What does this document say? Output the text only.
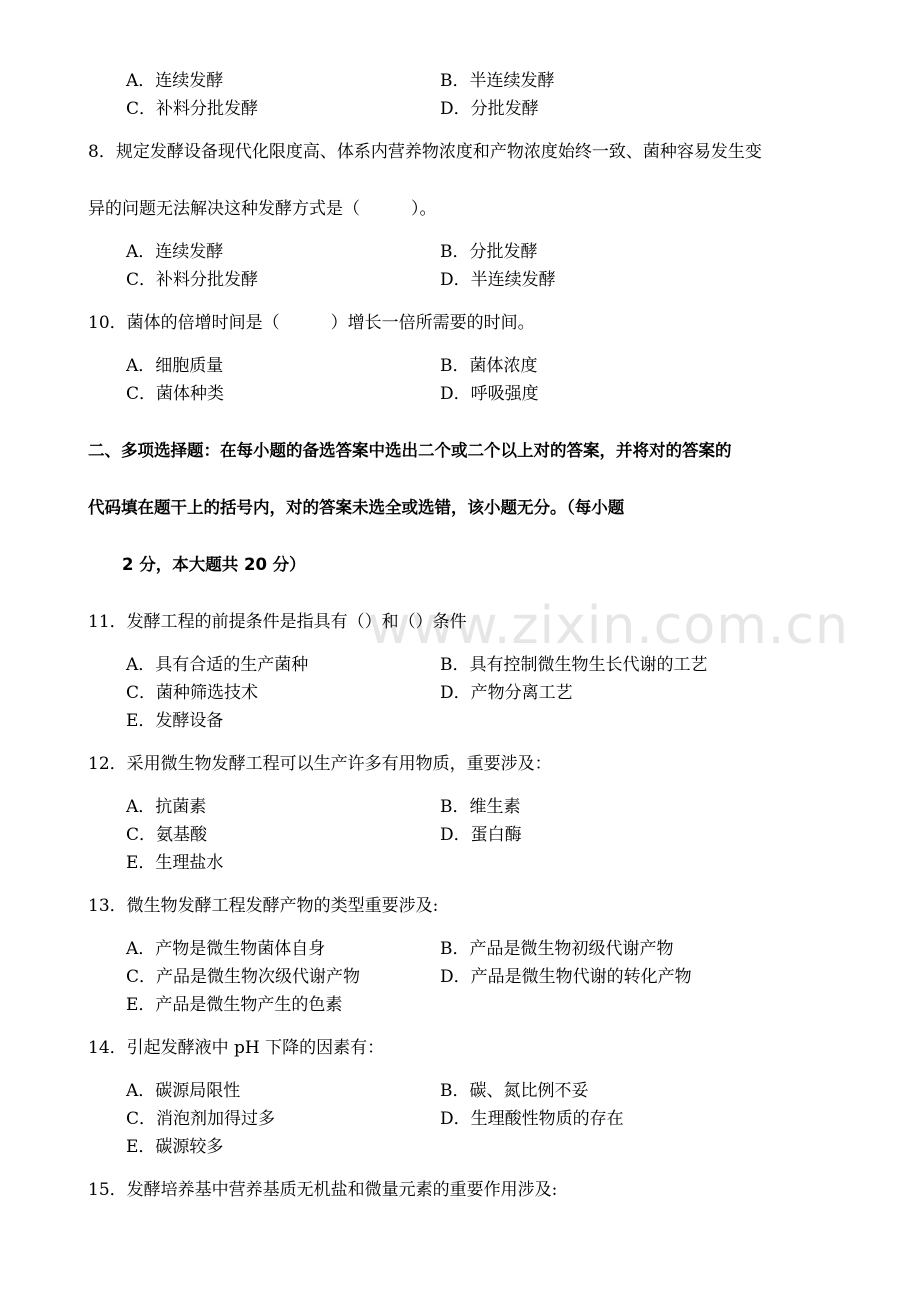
www.zixin.com.cn
A．连续发酵	B．半连续发酵
C．补料分批发酵	D．分批发酵
8．规定发酵设备现代化限度高、体系内营养物浓度和产物浓度始终一致、菌种容易发生变
异的问题无法解决这种发酵方式是（　　　）。
A．连续发酵	B．分批发酵
C．补料分批发酵	D．半连续发酵
10．菌体的倍增时间是（　　　）增长一倍所需要的时间。
A．细胞质量	B．菌体浓度
C．菌体种类	D．呼吸强度
二、多项选择题：在每小题的备选答案中选出二个或二个以上对的答案，并将对的答案的
代码填在题干上的括号内，对的答案未选全或选错，该小题无分。（每小题
2 分，本大题共 20 分）
11．发酵工程的前提条件是指具有（）和（）条件
A．具有合适的生产菌种	B．具有控制微生物生长代谢的工艺
C．菌种筛选技术	D．产物分离工艺
E．发酵设备
12．采用微生物发酵工程可以生产许多有用物质，重要涉及：
A．抗菌素	B．维生素
C．氨基酸	D．蛋白酶
E．生理盐水
13．微生物发酵工程发酵产物的类型重要涉及:
A．产物是微生物菌体自身	B．产品是微生物初级代谢产物
C．产品是微生物次级代谢产物	D．产品是微生物代谢的转化产物
E．产品是微生物产生的色素
14．引起发酵液中 pH 下降的因素有：
A．碳源局限性	B．碳、氮比例不妥
C．消泡剂加得过多	D．生理酸性物质的存在
E．碳源较多
15．发酵培养基中营养基质无机盐和微量元素的重要作用涉及:
